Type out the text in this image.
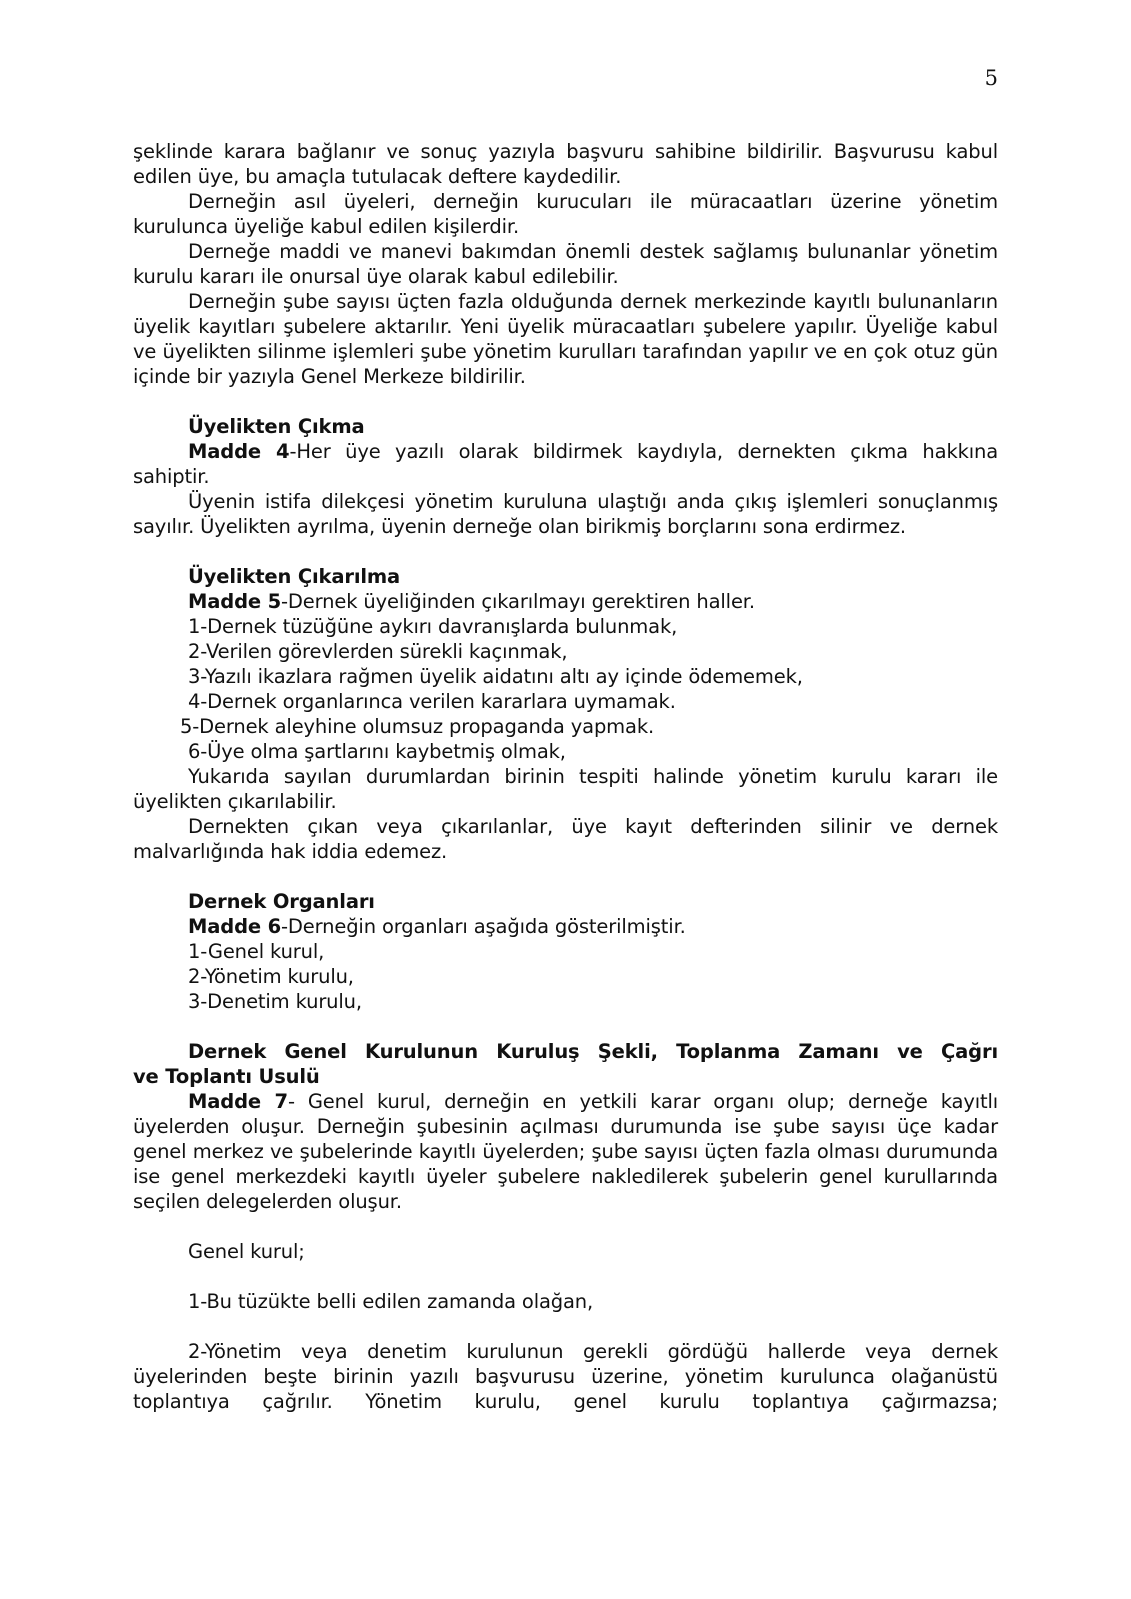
5

şeklinde karara bağlanır ve sonuç yazıyla başvuru sahibine bildirilir. Başvurusu kabul edilen üye, bu amaçla tutulacak deftere kaydedilir.

Derneğin asıl üyeleri, derneğin kurucuları ile müracaatları üzerine yönetim kurulunca üyeliğe kabul edilen kişilerdir.

Derneğe maddi ve manevi bakımdan önemli destek sağlamış bulunanlar yönetim kurulu kararı ile onursal üye olarak kabul edilebilir.

Derneğin şube sayısı üçten fazla olduğunda dernek merkezinde kayıtlı bulunanların üyelik kayıtları şubelere aktarılır. Yeni üyelik müracaatları şubelere yapılır. Üyeliğe kabul ve üyelikten silinme işlemleri şube yönetim kurulları tarafından yapılır ve en çok otuz gün içinde bir yazıyla Genel Merkeze bildirilir.

Üyelikten Çıkma

Madde 4-Her üye yazılı olarak bildirmek kaydıyla, dernekten çıkma hakkına sahiptir.

Üyenin istifa dilekçesi yönetim kuruluna ulaştığı anda çıkış işlemleri sonuçlanmış sayılır. Üyelikten ayrılma, üyenin derneğe olan birikmiş borçlarını sona erdirmez.

Üyelikten Çıkarılma

Madde 5-Dernek üyeliğinden çıkarılmayı gerektiren haller.

1-Dernek tüzüğüne aykırı davranışlarda bulunmak,

2-Verilen görevlerden sürekli kaçınmak,

3-Yazılı ikazlara rağmen üyelik aidatını altı ay içinde ödememek,

4-Dernek organlarınca verilen kararlara uymamak.

5-Dernek aleyhine olumsuz propaganda yapmak.

6-Üye olma şartlarını kaybetmiş olmak,

Yukarıda sayılan durumlardan birinin tespiti halinde yönetim kurulu kararı ile üyelikten çıkarılabilir.

Dernekten çıkan veya çıkarılanlar, üye kayıt defterinden silinir ve dernek malvarlığında hak iddia edemez.

Dernek Organları

Madde 6-Derneğin organları aşağıda gösterilmiştir.

1-Genel kurul,

2-Yönetim kurulu,

3-Denetim kurulu,

Dernek Genel Kurulunun Kuruluş Şekli, Toplanma Zamanı ve Çağrı

ve Toplantı Usulü

Madde 7- Genel kurul, derneğin en yetkili karar organı olup; derneğe kayıtlı üyelerden oluşur. Derneğin şubesinin açılması durumunda ise şube sayısı üçe kadar genel merkez ve şubelerinde kayıtlı üyelerden; şube sayısı üçten fazla olması durumunda ise genel merkezdeki kayıtlı üyeler şubelere nakledilerek şubelerin genel kurullarında seçilen delegelerden oluşur.

Genel kurul;

1-Bu tüzükte belli edilen zamanda olağan,

2-Yönetim veya denetim kurulunun gerekli gördüğü hallerde veya dernek üyelerinden beşte birinin yazılı başvurusu üzerine, yönetim kurulunca olağanüstü toplantıya çağrılır. Yönetim kurulu, genel kurulu toplantıya çağırmazsa;
